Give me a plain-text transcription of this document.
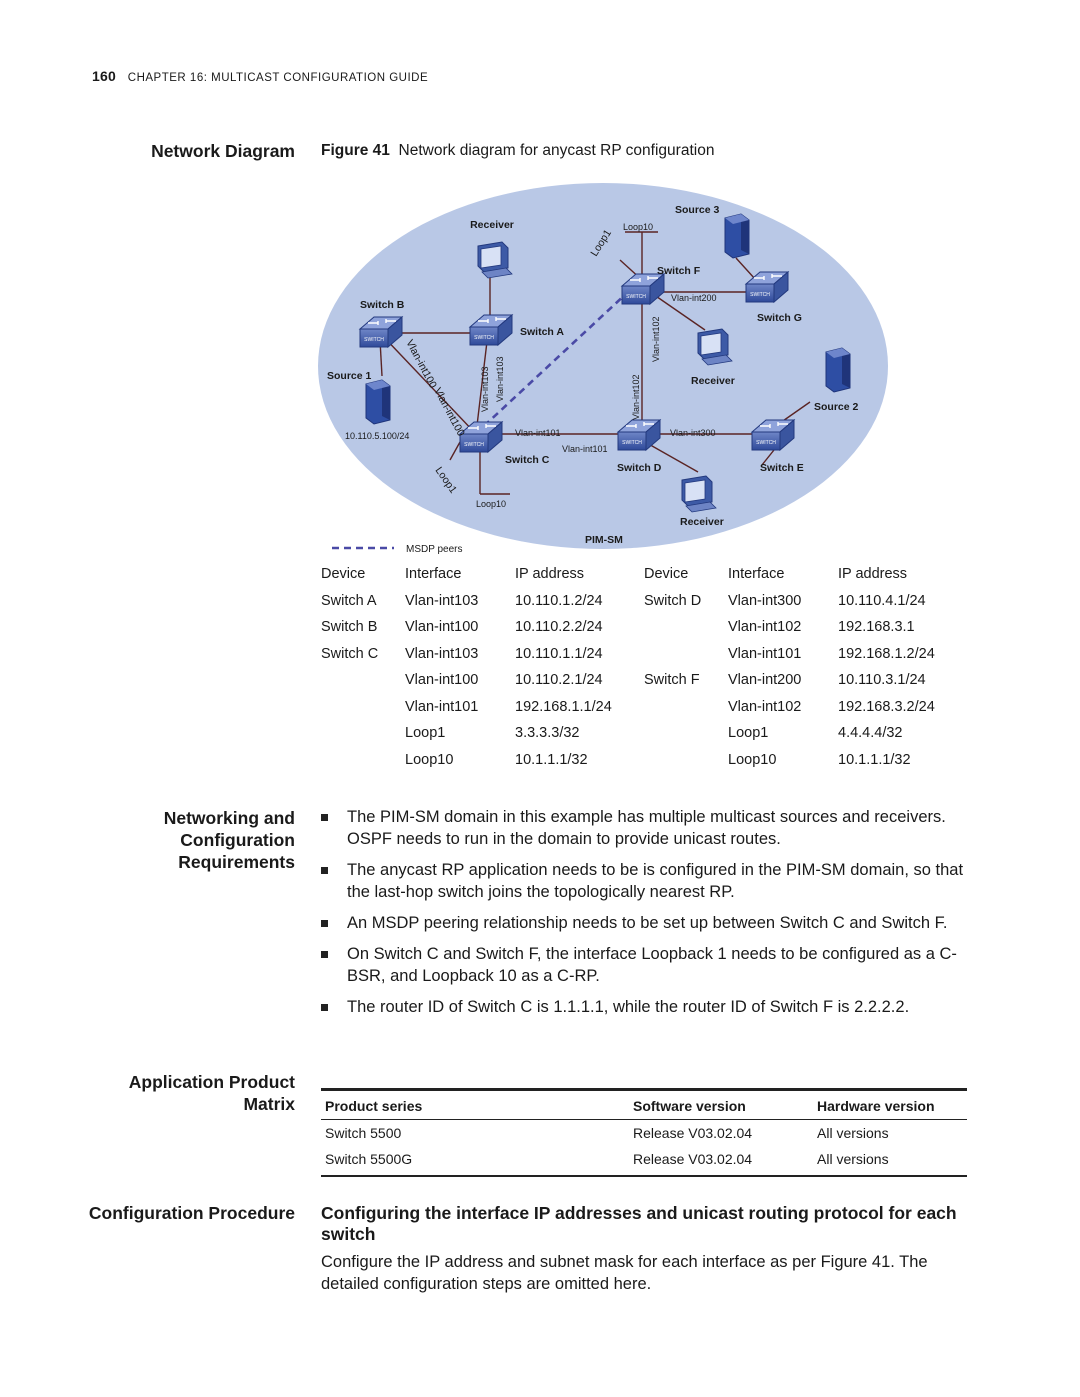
160 CHAPTER 16: MULTICAST CONFIGURATION GUIDE
Network Diagram
Networking and
Configuration
Requirements
Application Product
Matrix
Configuration Procedure
Figure 41 Network diagram for anycast RP configuration
SWITCH
Receiver
Source 3
Switch F
Switch B
Switch A
Switch G
Source 1	Receiver
Source 2
Switch C
Switch D	Switch E
Receiver
PIM-SM
10.110.5.100/24
Loop10
Loop10
Vlan-int200
Vlan-int101
Vlan-int101
Vlan-int300
Vlan-int102
Vlan-int102
Vlan-int103 Vlan-int103
Vlan-int100
Vlan-int100
Loop1
Loop1
MSDP peers
Device	Interface	IP address	Device	Interface	IP address
Switch A	Vlan-int103	10.110.1.2/24	Switch D	Vlan-int300	10.110.4.1/24
Switch B	Vlan-int100	10.110.2.2/24		Vlan-int102	192.168.3.1
Switch C	Vlan-int103	10.110.1.1/24		Vlan-int101	192.168.1.2/24
	Vlan-int100	10.110.2.1/24	Switch F	Vlan-int200	10.110.3.1/24
	Vlan-int101	192.168.1.1/24		Vlan-int102	192.168.3.2/24
	Loop1	3.3.3.3/32		Loop1	4.4.4.4/32
	Loop10	10.1.1.1/32		Loop10	10.1.1.1/32
The PIM-SM domain in this example has multiple multicast sources and receivers. OSPF needs to run in the domain to provide unicast routes.
The anycast RP application needs to be is configured in the PIM-SM domain, so that the last-hop switch joins the topologically nearest RP.
An MSDP peering relationship needs to be set up between Switch C and Switch F.
On Switch C and Switch F, the interface Loopback 1 needs to be configured as a C-BSR, and Loopback 10 as a C-RP.
The router ID of Switch C is 1.1.1.1, while the router ID of Switch F is 2.2.2.2.
Product series	Software version	Hardware version
Switch 5500	Release V03.02.04	All versions
Switch 5500G	Release V03.02.04	All versions
Configuring the interface IP addresses and unicast routing protocol for each switch
Configure the IP address and subnet mask for each interface as per Figure 41. The detailed configuration steps are omitted here.
